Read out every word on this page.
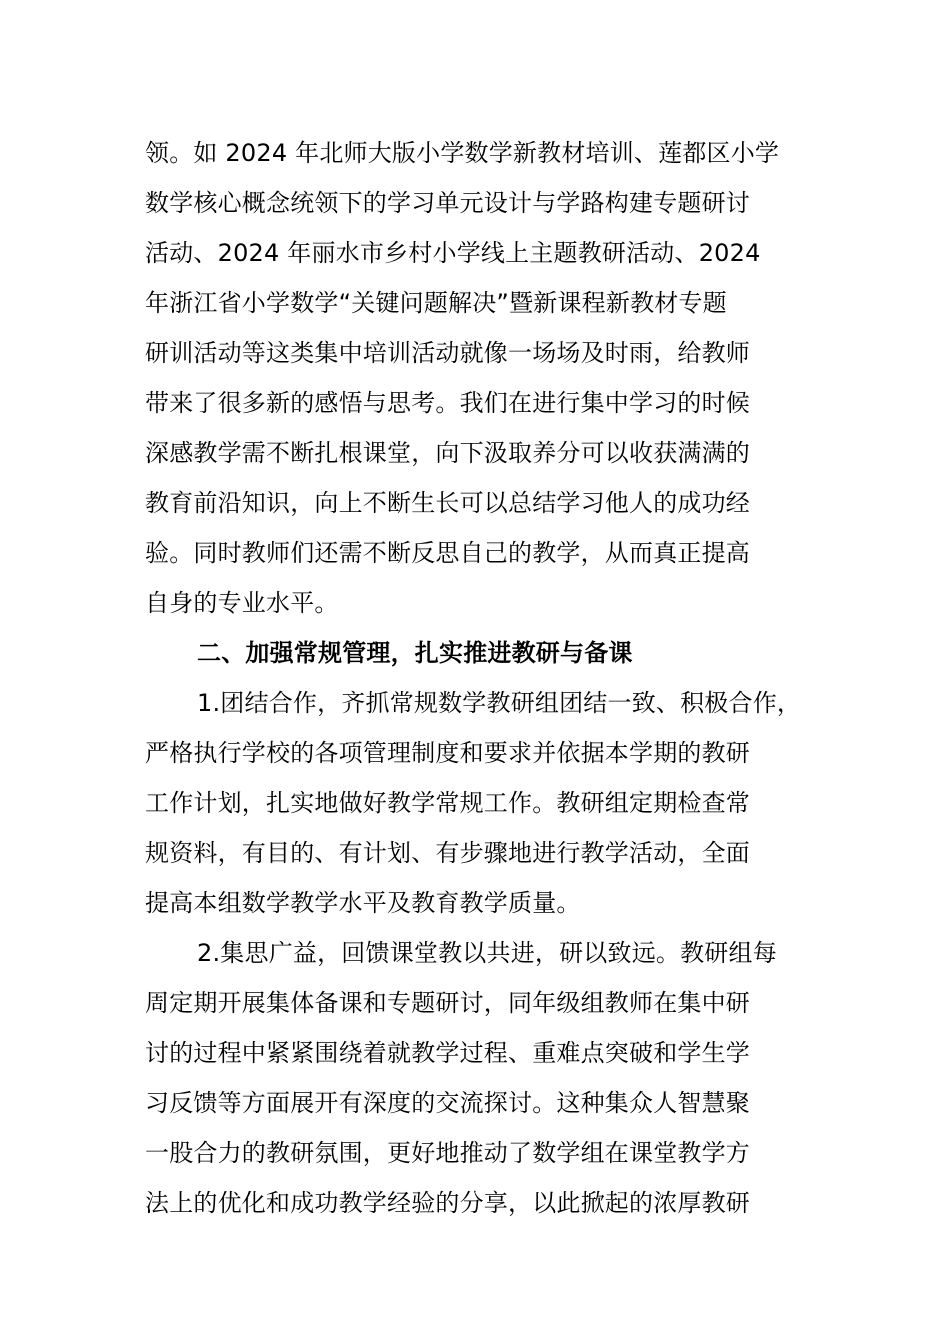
领。如 2024 年北师大版小学数学新教材培训、莲都区小学
数学核心概念统领下的学习单元设计与学路构建专题研讨
活动、2024 年丽水市乡村小学线上主题教研活动、2024
年浙江省小学数学“关键问题解决”暨新课程新教材专题
研训活动等这类集中培训活动就像一场场及时雨，给教师
带来了很多新的感悟与思考。我们在进行集中学习的时候
深感教学需不断扎根课堂，向下汲取养分可以收获满满的
教育前沿知识，向上不断生长可以总结学习他人的成功经
验。同时教师们还需不断反思自己的教学，从而真正提高
自身的专业水平。
二、加强常规管理，扎实推进教研与备课
1.团结合作，齐抓常规数学教研组团结一致、积极合作，
严格执行学校的各项管理制度和要求并依据本学期的教研
工作计划，扎实地做好教学常规工作。教研组定期检查常
规资料，有目的、有计划、有步骤地进行教学活动，全面
提高本组数学教学水平及教育教学质量。
2.集思广益，回馈课堂教以共进，研以致远。教研组每
周定期开展集体备课和专题研讨，同年级组教师在集中研
讨的过程中紧紧围绕着就教学过程、重难点突破和学生学
习反馈等方面展开有深度的交流探讨。这种集众人智慧聚
一股合力的教研氛围，更好地推动了数学组在课堂教学方
法上的优化和成功教学经验的分享，以此掀起的浓厚教研
